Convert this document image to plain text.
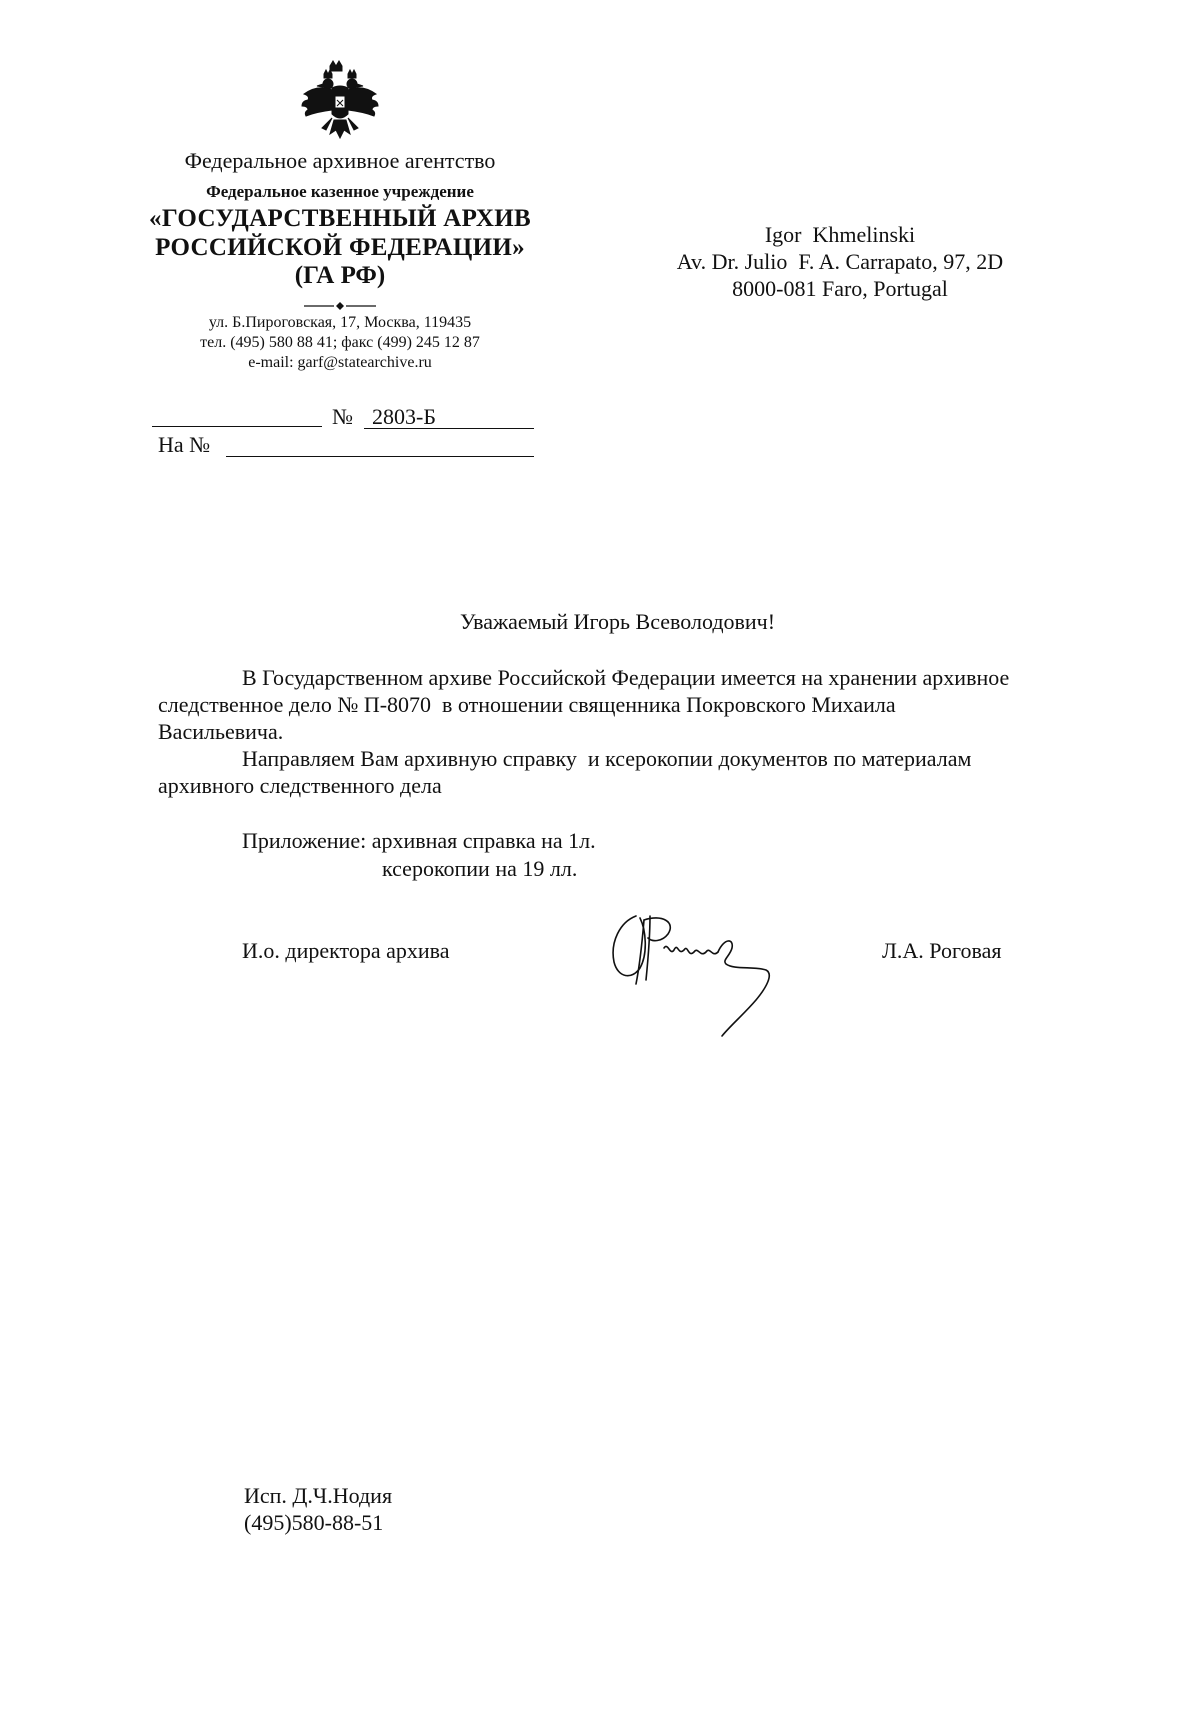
Федеральное архивное агентство
Федеральное казенное учреждение
«ГОСУДАРСТВЕННЫЙ АРХИВ
РОССИЙСКОЙ ФЕДЕРАЦИИ»
(ГА РФ)
ул. Б.Пироговская, 17, Москва, 119435
тел. (495) 580 88 41; факс (499) 245 12 87
e-mail: garf@statearchive.ru
№ 2803-Б
На №
Igor  Khmelinski
Av. Dr. Julio  F. A. Carrapato, 97, 2D
8000-081 Faro, Portugal
Уважаемый Игорь Всеволодович!
В Государственном архиве Российской Федерации имеется на хранении архивное
следственное дело № П-8070  в отношении священника Покровского Михаила
Васильевича.
Направляем Вам архивную справку  и ксерокопии документов по материалам
архивного следственного дела
Приложение: архивная справка на 1л.
ксерокопии на 19 лл.
И.о. директора архива	Л.А. Роговая
Исп. Д.Ч.Нодия
(495)580-88-51
